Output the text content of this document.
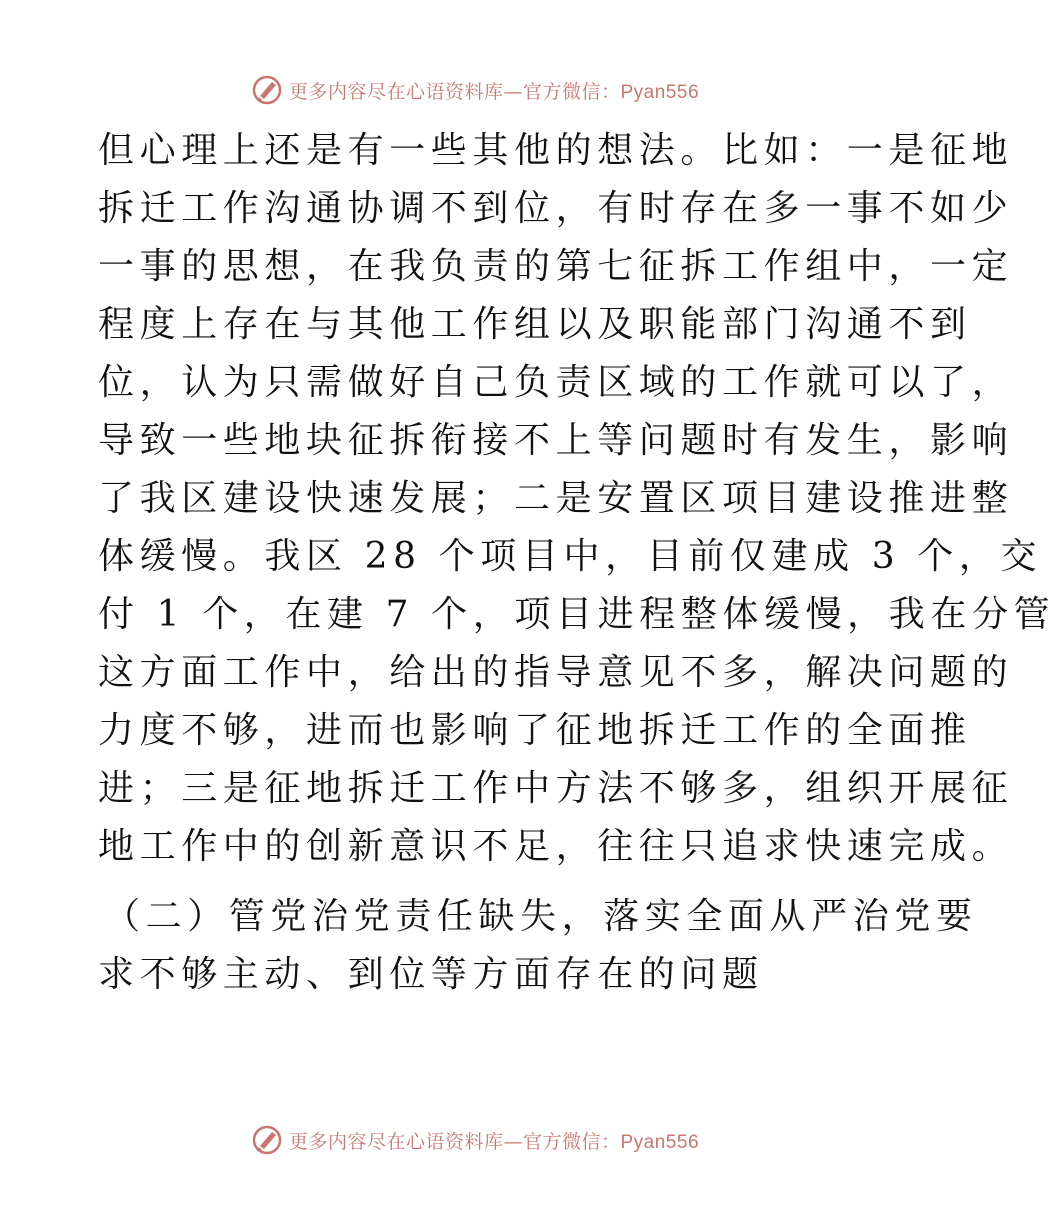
更多内容尽在心语资料库—官方微信：Pyan556
但心理上还是有一些其他的想法。比如：一是征地
拆迁工作沟通协调不到位，有时存在多一事不如少
一事的思想，在我负责的第七征拆工作组中，一定
程度上存在与其他工作组以及职能部门沟通不到
位，认为只需做好自己负责区域的工作就可以了，
导致一些地块征拆衔接不上等问题时有发生，影响
了我区建设快速发展；二是安置区项目建设推进整
体缓慢。我区 28 个项目中，目前仅建成 3 个，交
付 1 个，在建 7 个，项目进程整体缓慢，我在分管
这方面工作中，给出的指导意见不多，解决问题的
力度不够，进而也影响了征地拆迁工作的全面推
进；三是征地拆迁工作中方法不够多，组织开展征
地工作中的创新意识不足，往往只追求快速完成。
（二）管党治党责任缺失，落实全面从严治党要
求不够主动、到位等方面存在的问题
更多内容尽在心语资料库—官方微信：Pyan556
